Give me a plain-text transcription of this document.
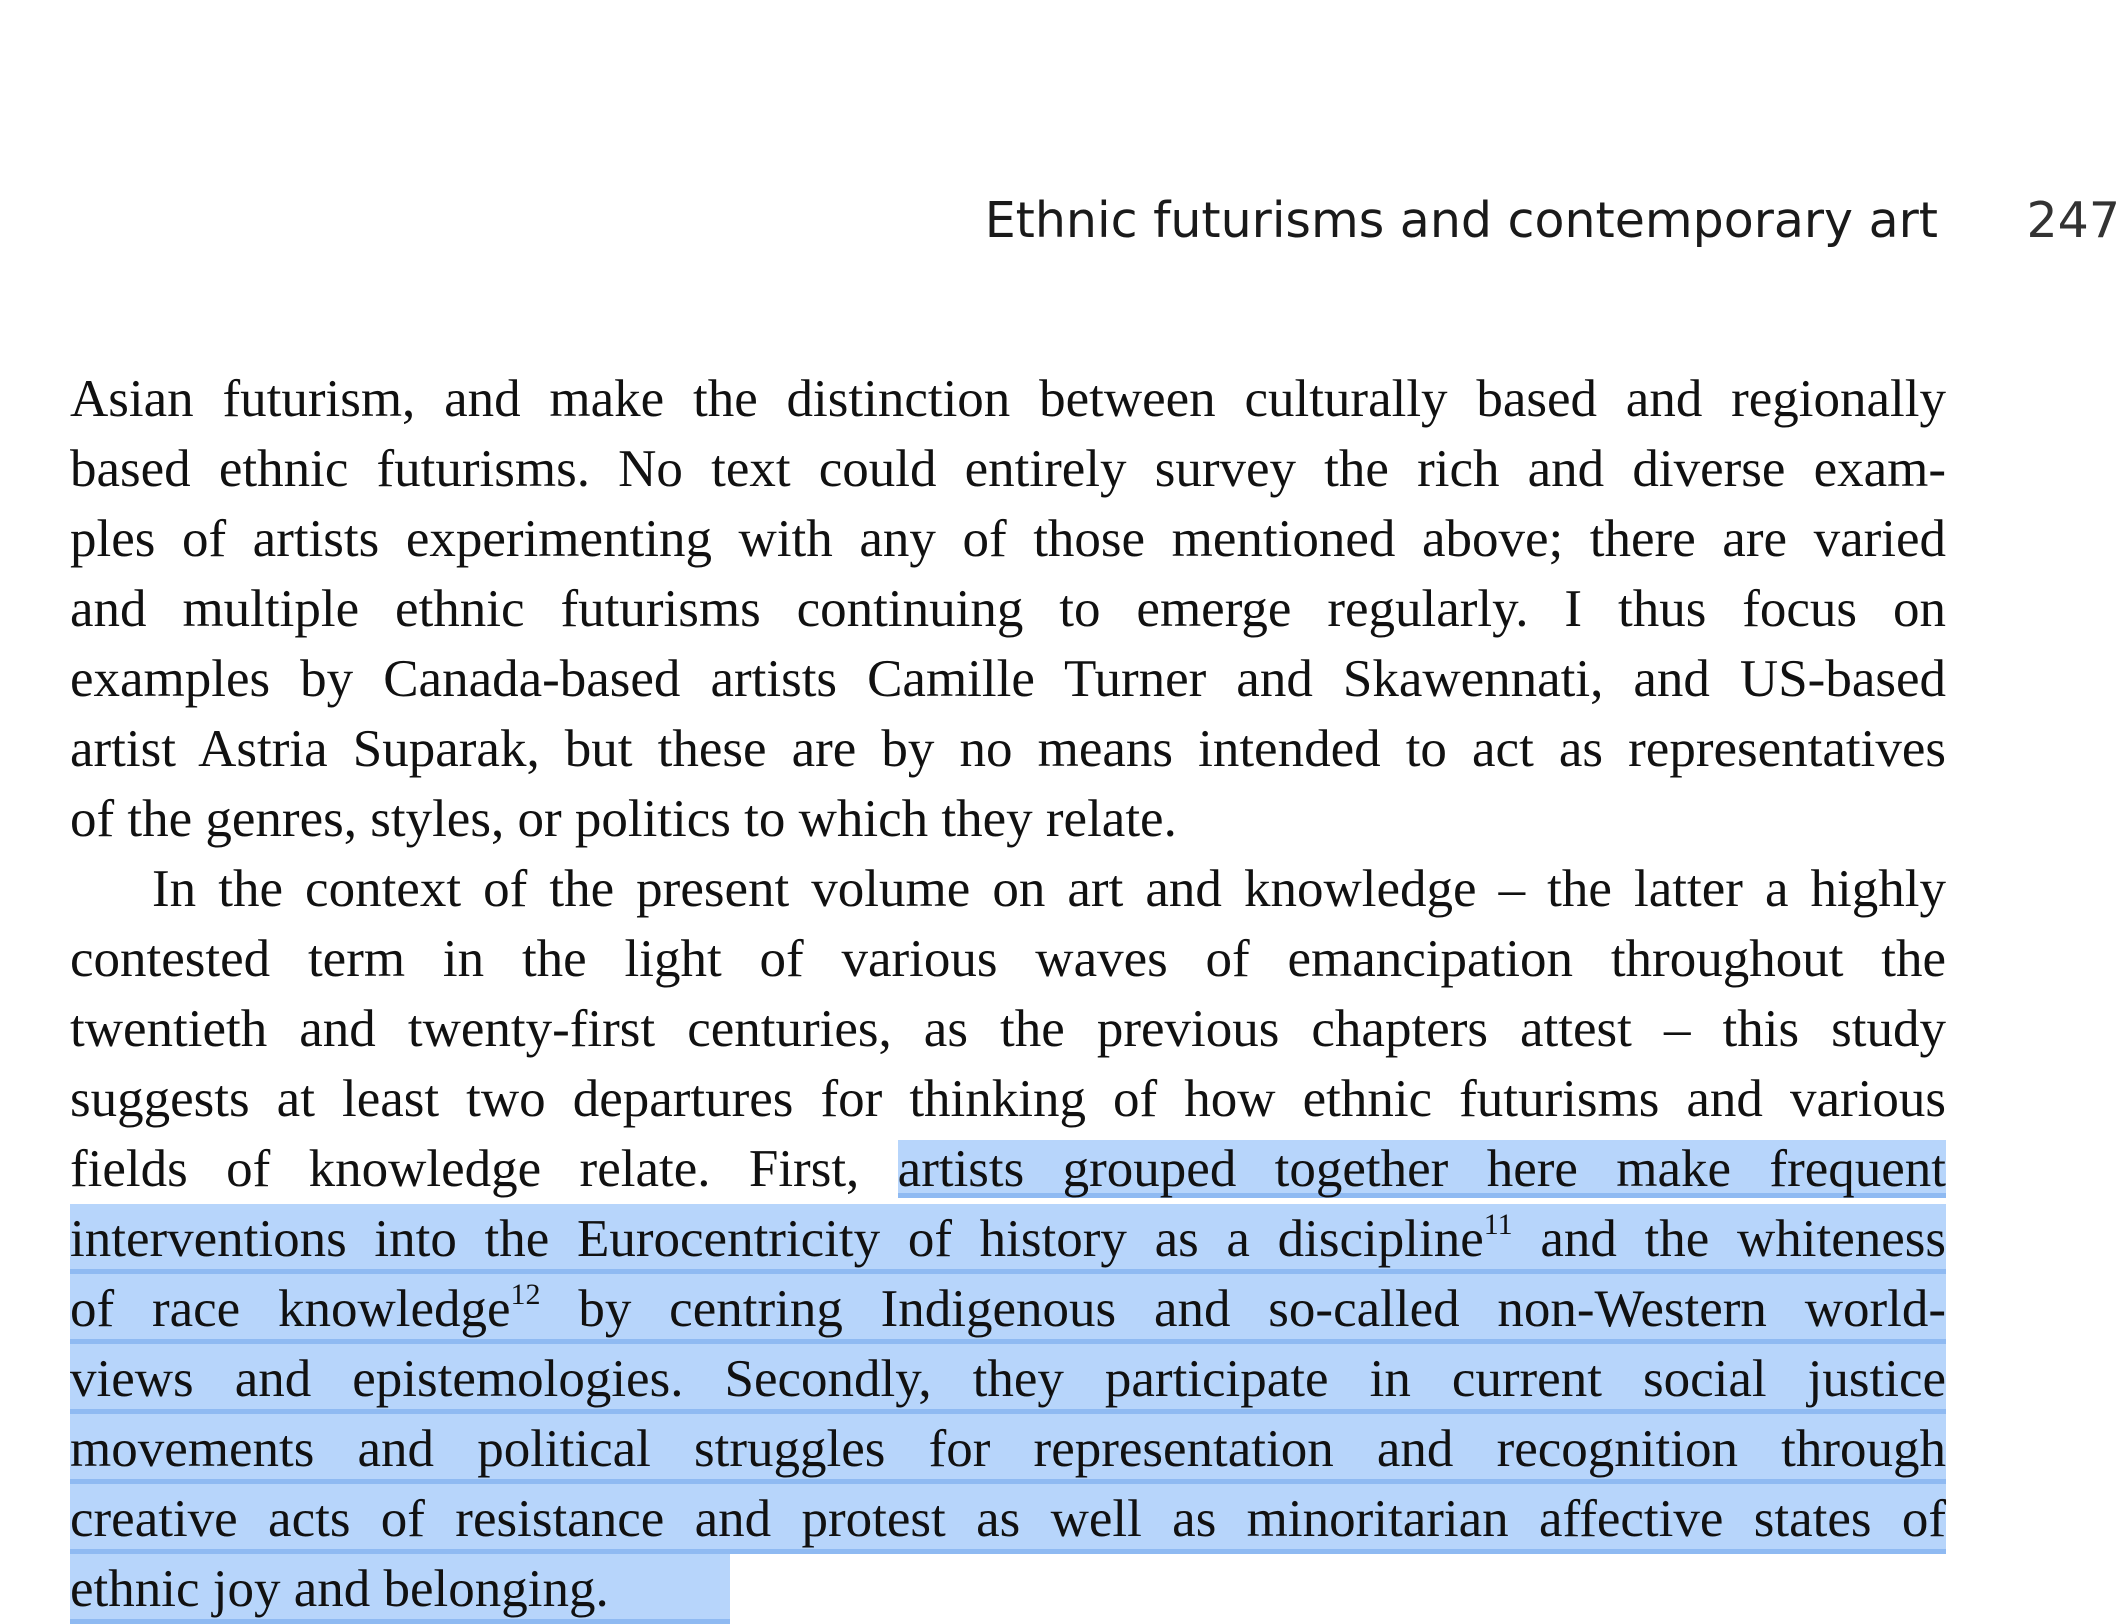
Ethnic futurisms and contemporary art 247
Asian futurism, and make the distinction between culturally based and regionally
based ethnic futurisms. No text could entirely survey the rich and diverse exam-
ples of artists experimenting with any of those mentioned above; there are varied
and multiple ethnic futurisms continuing to emerge regularly. I thus focus on
examples by Canada-based artists Camille Turner and Skawennati, and US-based
artist Astria Suparak, but these are by no means intended to act as representatives
of the genres, styles, or politics to which they relate.
In the context of the present volume on art and knowledge – the latter a highly
contested term in the light of various waves of emancipation throughout the
twentieth and twenty-first centuries, as the previous chapters attest – this study
suggests at least two departures for thinking of how ethnic futurisms and various
fields of knowledge relate. First, artists grouped together here make frequent
interventions into the Eurocentricity of history as a discipline$^{11}$ and the whiteness
of race knowledge$^{12}$ by centring Indigenous and so-called non-Western world-
views and epistemologies. Secondly, they participate in current social justice
movements and political struggles for representation and recognition through
creative acts of resistance and protest as well as minoritarian affective states of
ethnic joy and belonging.
